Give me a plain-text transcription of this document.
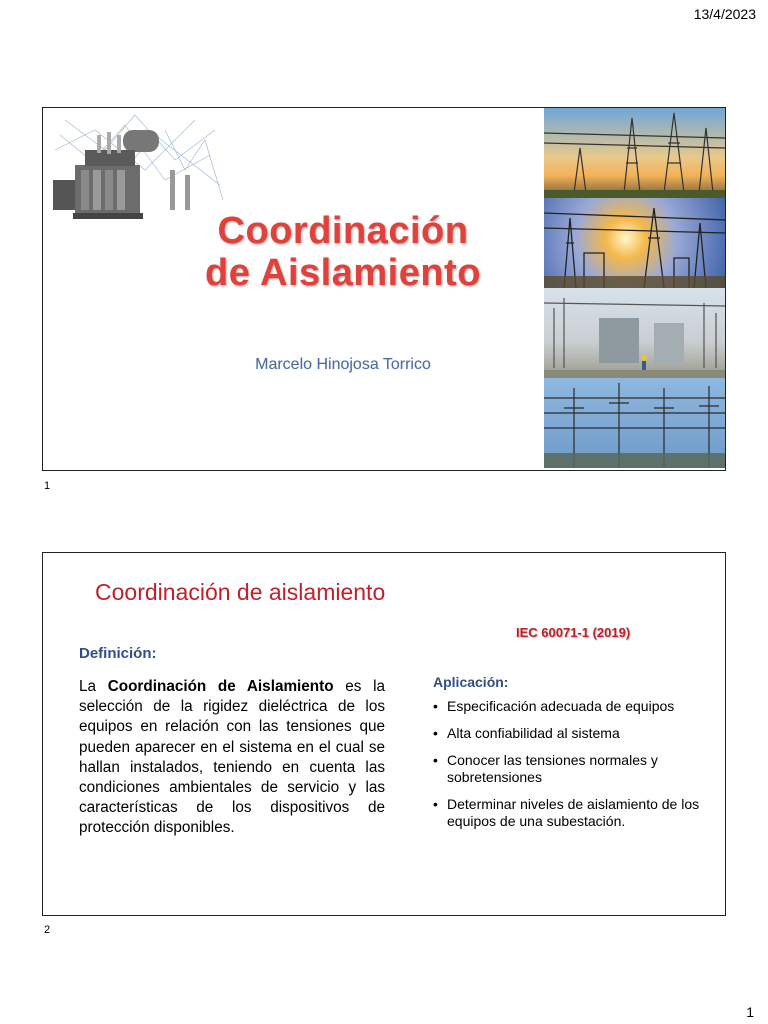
13/4/2023
Coordinación de Aislamiento
Marcelo Hinojosa Torrico
1
Coordinación de aislamiento
IEC 60071-1 (2019)
Definición:
La Coordinación de Aislamiento es la selección de la rigidez dieléctrica de los equipos en relación con las tensiones que pueden aparecer en el sistema en el cual se hallan instalados, teniendo en cuenta las condiciones ambientales de servicio y las características de los dispositivos de protección disponibles.
Aplicación:
• Especificación adecuada de equipos
• Alta confiabilidad al sistema
• Conocer las tensiones normales y sobretensiones
• Determinar niveles de aislamiento de los equipos de una subestación.
2
1
